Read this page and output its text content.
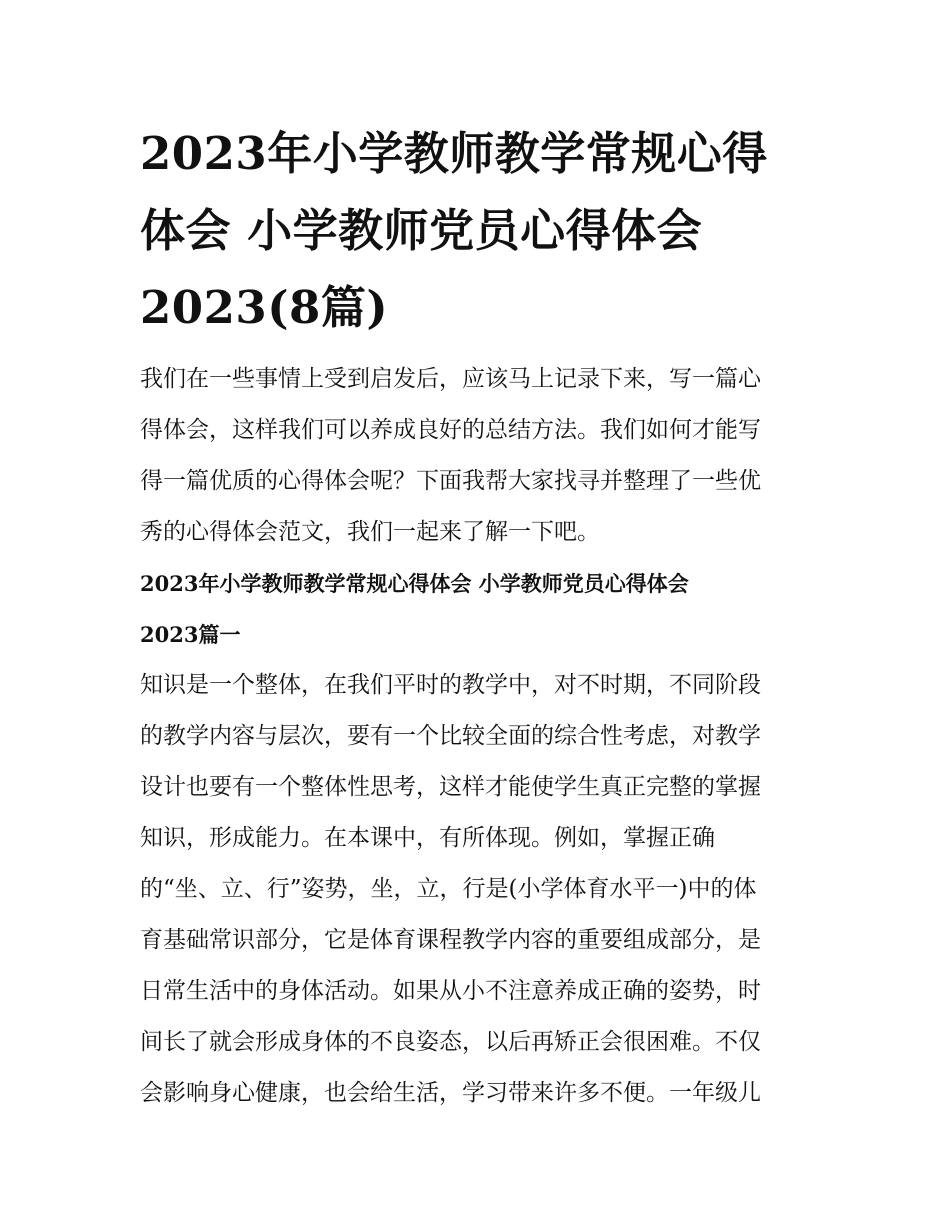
2023年小学教师教学常规心得
体会 小学教师党员心得体会
2023(8篇)

我们在一些事情上受到启发后，应该马上记录下来，写一篇心
得体会，这样我们可以养成良好的总结方法。我们如何才能写
得一篇优质的心得体会呢？下面我帮大家找寻并整理了一些优
秀的心得体会范文，我们一起来了解一下吧。

2023年小学教师教学常规心得体会 小学教师党员心得体会
2023篇一

知识是一个整体，在我们平时的教学中，对不时期，不同阶段
的教学内容与层次，要有一个比较全面的综合性考虑，对教学
设计也要有一个整体性思考，这样才能使学生真正完整的掌握
知识，形成能力。在本课中，有所体现。例如，掌握正确
的“坐、立、行”姿势，坐，立，行是(小学体育水平一)中的体
育基础常识部分，它是体育课程教学内容的重要组成部分，是
日常生活中的身体活动。如果从小不注意养成正确的姿势，时
间长了就会形成身体的不良姿态，以后再矫正会很困难。不仅
会影响身心健康，也会给生活，学习带来许多不便。一年级儿
